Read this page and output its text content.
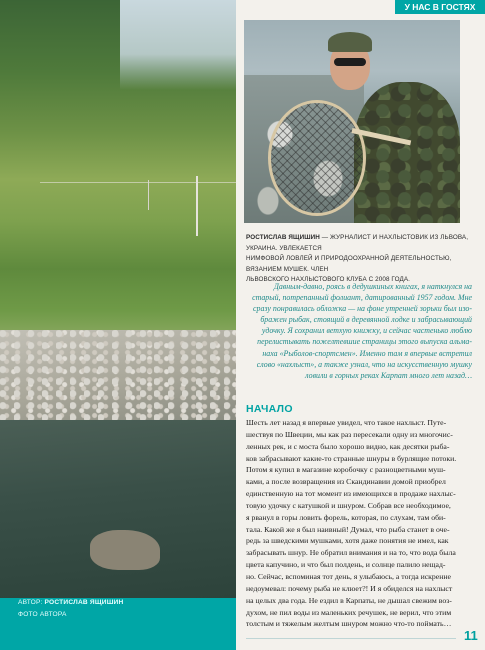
АВТОР: РОСТИСЛАВ ЯЩИШИН
ФОТО АВТОРА
У НАС В ГОСТЯХ
РОСТИСЛАВ ЯЩИШИН — ЖУРНАЛИСТ И НАХЛЫСТОВИК ИЗ ЛЬВОВА, УКРАИНА. УВЛЕКАЕТСЯ
НИМФОВОЙ ЛОВЛЕЙ И ПРИРОДООХРАННОЙ ДЕЯТЕЛЬНОСТЬЮ, ВЯЗАНИЕМ МУШЕК. ЧЛЕН
ЛЬВОВСКОГО НАХЛЫСТОВОГО КЛУБА С 2008 ГОДА.

Давным-давно, роясь в дедушкиных книгах, я наткнулся на
старый, потрепанный фолиант, датированный 1957 годом. Мне
сразу понравилась обложка — на фоне утренней зорьки был изо-
бражен рыбак, стоящий в деревянной лодке и забрасывающий
удочку. Я сохранил ветхую книжку, и сейчас частенько люблю
перелистывать пожелтевшие страницы этого выпуска альма-
наха «Рыболов-спортсмен». Именно там я впервые встретил
слово «нахлыст», а также узнал, что на искусственную мушку
ловили в горных реках Карпат много лет назад…

НАЧАЛО

Шесть лет назад я впервые увидел, что такое нахлыст. Путе-
шествуя по Швеции, мы как раз пересекали одну из многочис-
ленных рек, и с моста было хорошо видно, как десятки рыба-
ков забрасывают какие-то странные шнуры в бурлящие потоки.
Потом я купил в магазине коробочку с разноцветными муш-
ками, а после возвращения из Скандинавии домой приобрел
единственную на тот момент из имеющихся в продаже нахлыс-
товую удочку с катушкой и шнуром. Собрав все необходимое,
я рванул в горы ловить форель, которая, по слухам, там оби-
тала. Какой же я был наивный! Думал, что рыба станет в оче-
редь за шведскими мушками, хотя даже понятия не имел, как
забрасывать шнур. Не обратил внимания и на то, что вода была
цвета капучино, и что был полдень, и солнце палило нещад-
но. Сейчас, вспоминая тот день, я улыбаюсь, а тогда искренне
недоумевал: почему рыба не клюет?! И я обиделся на нахлыст
на целых два года. Не ездил в Карпаты, не дышал свежим воз-
духом, не пил воды из маленьких речушек, не верил, что этим
толстым и тяжелым желтым шнуром можно что-то поймать…

11
